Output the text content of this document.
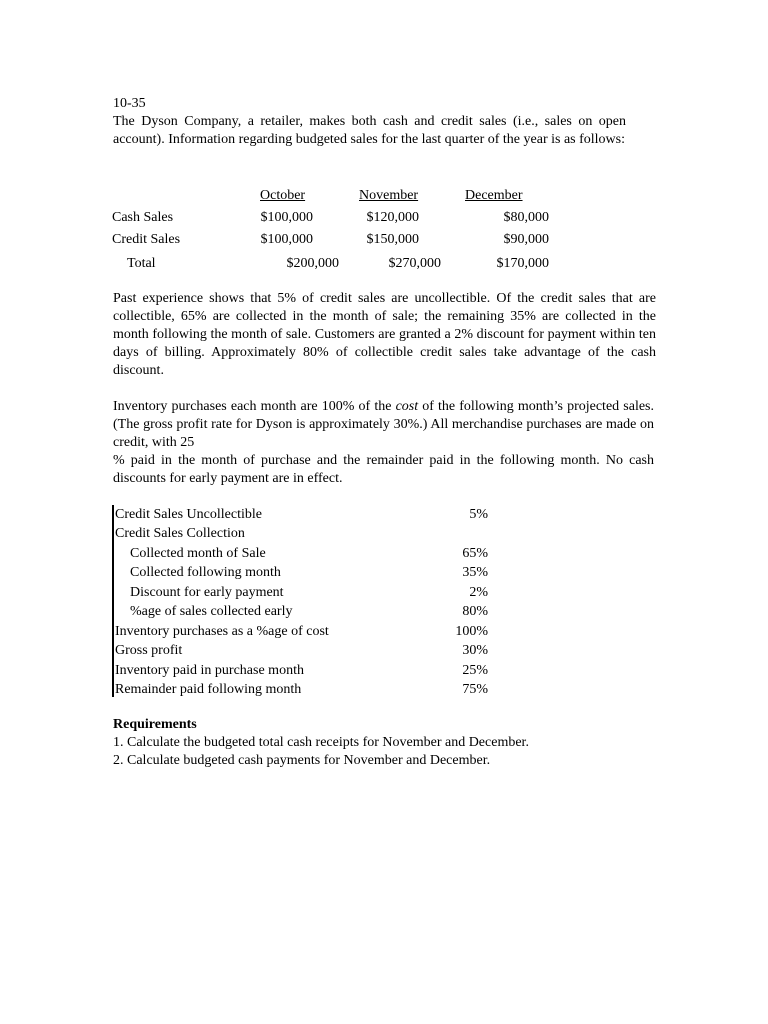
10-35
The Dyson Company, a retailer, makes both cash and credit sales (i.e., sales on open account). Information regarding budgeted sales for the last quarter of the year is as follows:
October	November	December
Cash Sales	$100,000	$120,000	$80,000
Credit Sales	$100,000	$150,000	$90,000
Total	$200,000	$270,000	$170,000
Past experience shows that 5% of credit sales are uncollectible. Of the credit sales that are collectible, 65% are collected in the month of sale; the remaining 35% are collected in the month following the month of sale. Customers are granted a 2% discount for payment within ten days of billing. Approximately 80% of collectible credit sales take advantage of the cash discount.
Inventory purchases each month are 100% of the cost of the following month’s projected sales. (The gross profit rate for Dyson is approximately 30%.) All merchandise purchases are made on credit, with 25
% paid in the month of purchase and the remainder paid in the following month. No cash discounts for early payment are in effect.
Credit Sales Uncollectible	5%
Credit Sales Collection
Collected month of Sale	65%
Collected following month	35%
Discount for early payment	2%
%age of sales collected early	80%
Inventory purchases as a %age of cost	100%
Gross profit	30%
Inventory paid in purchase month	25%
Remainder paid following month	75%
Requirements
1. Calculate the budgeted total cash receipts for November and December.
2. Calculate budgeted cash payments for November and December.
